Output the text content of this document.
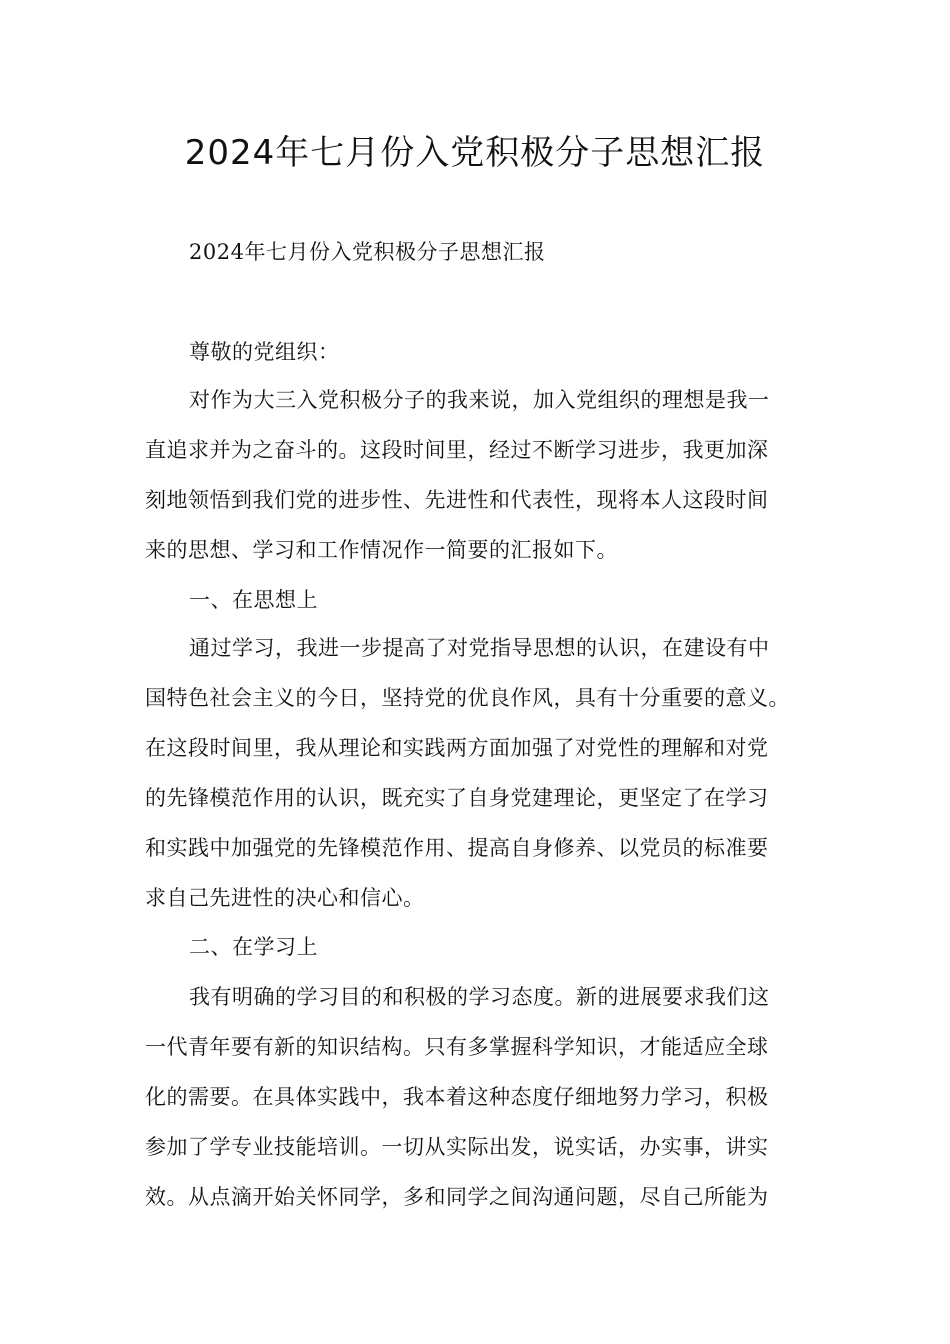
2024年七月份入党积极分子思想汇报
2024年七月份入党积极分子思想汇报
尊敬的党组织：
对作为大三入党积极分子的我来说，加入党组织的理想是我一
直追求并为之奋斗的。这段时间里，经过不断学习进步，我更加深
刻地领悟到我们党的进步性、先进性和代表性，现将本人这段时间
来的思想、学习和工作情况作一简要的汇报如下。
一、在思想上
通过学习，我进一步提高了对党指导思想的认识，在建设有中
国特色社会主义的今日，坚持党的优良作风，具有十分重要的意义。
在这段时间里，我从理论和实践两方面加强了对党性的理解和对党
的先锋模范作用的认识，既充实了自身党建理论，更坚定了在学习
和实践中加强党的先锋模范作用、提高自身修养、以党员的标准要
求自己先进性的决心和信心。
二、在学习上
我有明确的学习目的和积极的学习态度。新的进展要求我们这
一代青年要有新的知识结构。只有多掌握科学知识，才能适应全球
化的需要。在具体实践中，我本着这种态度仔细地努力学习，积极
参加了学专业技能培训。一切从实际出发，说实话，办实事，讲实
效。从点滴开始关怀同学，多和同学之间沟通问题，尽自己所能为
